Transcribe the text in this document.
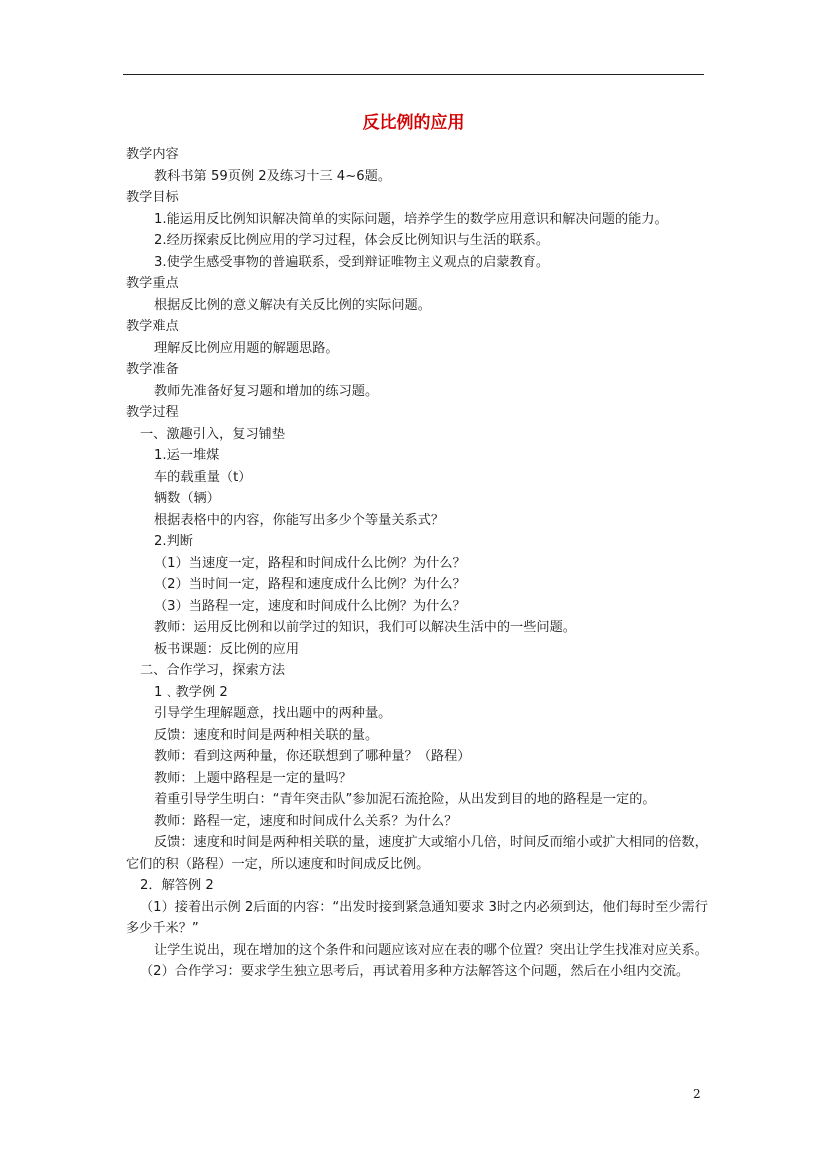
反比例的应用
教学内容
教科书第 59页例 2及练习十三 4~6题。
教学目标
1.能运用反比例知识解决简单的实际问题，培养学生的数学应用意识和解决问题的能力。
2.经历探索反比例应用的学习过程，体会反比例知识与生活的联系。
3.使学生感受事物的普遍联系，受到辩证唯物主义观点的启蒙教育。
教学重点
根据反比例的意义解决有关反比例的实际问题。
教学难点
理解反比例应用题的解题思路。
教学准备
教师先准备好复习题和增加的练习题。
教学过程
一、激趣引入，复习铺垫
1.运一堆煤
车的载重量（t）
辆数（辆）
根据表格中的内容，你能写出多少个等量关系式？
2.判断
（1）当速度一定，路程和时间成什么比例？为什么？
（2）当时间一定，路程和速度成什么比例？为什么？
（3）当路程一定，速度和时间成什么比例？为什么？
教师：运用反比例和以前学过的知识，我们可以解决生活中的一些问题。
板书课题：反比例的应用
二、合作学习，探索方法
1﹑教学例 2
引导学生理解题意，找出题中的两种量。
反馈：速度和时间是两种相关联的量。
教师：看到这两种量，你还联想到了哪种量？（路程）
教师：上题中路程是一定的量吗？
着重引导学生明白：“青年突击队”参加泥石流抢险，从出发到目的地的路程是一定的。
教师：路程一定，速度和时间成什么关系？为什么？
反馈：速度和时间是两种相关联的量，速度扩大或缩小几倍，时间反而缩小或扩大相同的倍数，它们的积（路程）一定，所以速度和时间成反比例。
2．解答例 2
（1）接着出示例 2后面的内容：“出发时接到紧急通知要求 3时之内必须到达，他们每时至少需行多少千米？”
让学生说出，现在增加的这个条件和问题应该对应在表的哪个位置？突出让学生找准对应关系。
（2）合作学习：要求学生独立思考后，再试着用多种方法解答这个问题，然后在小组内交流。
2
